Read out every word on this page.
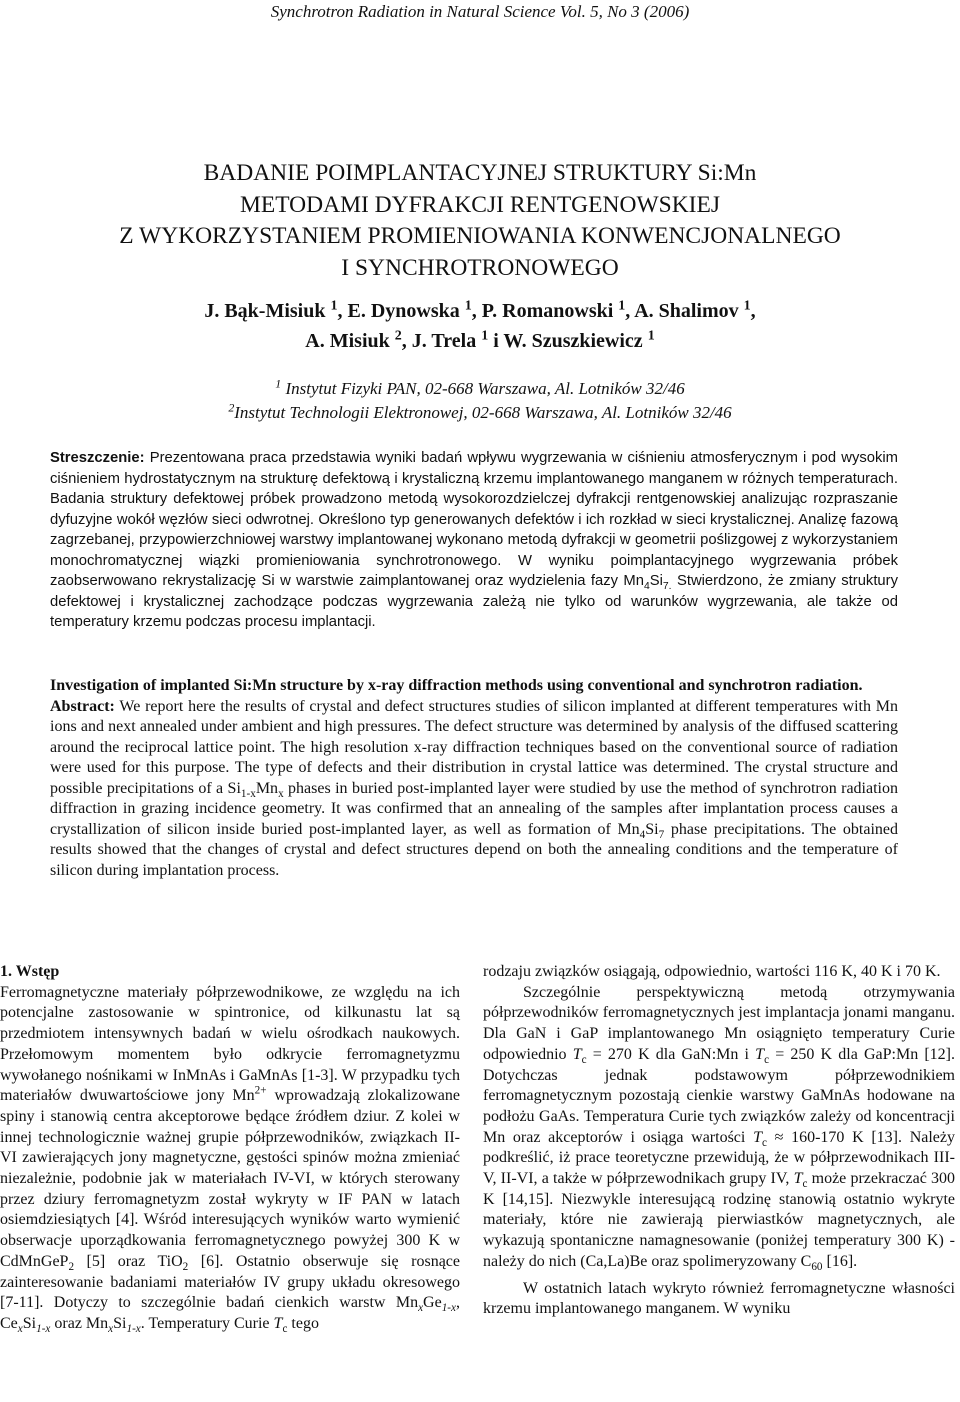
Synchrotron Radiation in Natural Science Vol. 5, No 3 (2006)
BADANIE POIMPLANTACYJNEJ STRUKTURY Si:Mn
METODAMI DYFRAKCJI RENTGENOWSKIEJ
Z WYKORZYSTANIEM PROMIENIOWANIA KONWENCJONALNEGO
I SYNCHROTRONOWEGO
J. Bąk-Misiuk $^1$, E. Dynowska $^1$, P. Romanowski $^1$, A. Shalimov $^1$,
A. Misiuk $^2$, J. Trela $^1$ i W. Szuszkiewicz $^1$
$^1$ Instytut Fizyki PAN, 02-668 Warszawa, Al. Lotników 32/46
$^2$Instytut Technologii Elektronowej, 02-668 Warszawa, Al. Lotników 32/46

Streszczenie: Prezentowana praca przedstawia wyniki badań wpływu wygrzewania w ciśnieniu atmosferycznym i pod wysokim ciśnieniem hydrostatycznym na strukturę defektową i krystaliczną krzemu implantowanego manganem w różnych temperaturach. Badania struktury defektowej próbek prowadzono metodą wysokorozdzielczej dyfrakcji rentgenowskiej analizując rozpraszanie dyfuzyjne wokół węzłów sieci odwrotnej. Określono typ generowanych defektów i ich rozkład w sieci krystalicznej. Analizę fazową zagrzebanej, przypowierzchniowej warstwy implantowanej wykonano metodą dyfrakcji w geometrii poślizgowej z wykorzystaniem monochromatycznej wiązki promieniowania synchrotronowego. W wyniku poimplantacyjnego wygrzewania próbek zaobserwowano rekrystalizację Si w warstwie zaimplantowanej oraz wydzielenia fazy $Mn_4Si_{7.}$ Stwierdzono, że zmiany struktury defektowej i krystalicznej zachodzące podczas wygrzewania zależą nie tylko od warunków wygrzewania, ale także od temperatury krzemu podczas procesu implantacji.

Investigation of implanted Si:Mn structure by x-ray diffraction methods using conventional and synchrotron radiation.
Abstract: We report here the results of crystal and defect structures studies of silicon implanted at different temperatures with Mn ions and next annealed under ambient and high pressures. The defect structure was determined by analysis of the diffused scattering around the reciprocal lattice point. The high resolution x-ray diffraction techniques based on the conventional source of radiation were used for this purpose. The type of defects and their distribution in crystal lattice was determined. The crystal structure and possible precipitations of a $Si_{1-x}Mn_x$ phases in buried post-implanted layer were studied by use the method of synchrotron radiation diffraction in grazing incidence geometry. It was confirmed that an annealing of the samples after implantation process causes a crystallization of silicon inside buried post-implanted layer, as well as formation of $Mn_4Si_7$ phase precipitations. The obtained results showed that the changes of crystal and defect structures depend on both the annealing conditions and the temperature of silicon during implantation process.

1. Wstęp

Ferromagnetyczne materiały półprzewodnikowe, ze względu na ich potencjalne zastosowanie w spintronice, od kilkunastu lat są przedmiotem intensywnych badań w wielu ośrodkach naukowych. Przełomowym momentem było odkrycie ferromagnetyzmu wywołanego nośnikami w InMnAs i GaMnAs [1-3]. W przypadku tych materiałów dwuwartościowe jony $Mn^{2+}$ wprowadzają zlokalizowane spiny i stanowią centra akceptorowe będące źródłem dziur. Z kolei w innej technologicznie ważnej grupie półprzewodników, związkach II-VI zawierających jony magnetyczne, gęstości spinów można zmieniać niezależnie, podobnie jak w materiałach IV-VI, w których sterowany przez dziury ferromagnetyzm został wykryty w IF PAN w latach osiemdziesiątych [4]. Wśród interesujących wyników warto wymienić obserwacje uporządkowania ferromagnetycznego powyżej 300 K w CdMnGeP$_2$ [5] oraz TiO$_2$ [6]. Ostatnio obserwuje się rosnące zainteresowanie badaniami materiałów IV grupy układu okresowego [7-11]. Dotyczy to szczególnie badań cienkich warstw $Mn_xGe_{1-x}$, $Ce_xSi_{1-x}$ oraz $Mn_xSi_{1-x}$. Temperatury Curie $T_c$ tego

rodzaju związków osiągają, odpowiednio, wartości 116 K, 40 K i 70 K.

Szczególnie perspektywiczną metodą otrzymywania półprzewodników ferromagnetycznych jest implantacja jonami manganu. Dla GaN i GaP implantowanego Mn osiągnięto temperatury Curie odpowiednio $T_c = 270$ K dla GaN:Mn i $T_c = 250$ K dla GaP:Mn [12]. Dotychczas jednak podstawowym półprzewodnikiem ferromagnetycznym pozostają cienkie warstwy GaMnAs hodowane na podłożu GaAs. Temperatura Curie tych związków zależy od koncentracji Mn oraz akceptorów i osiąga wartości $T_c \approx 160-170$ K [13]. Należy podkreślić, iż prace teoretyczne przewidują, że w półprzewodnikach III-V, II-VI, a także w półprzewodnikach grupy IV, $T_c$ może przekraczać 300 K [14,15]. Niezwykle interesującą rodzinę stanowią ostatnio wykryte materiały, które nie zawierają pierwiastków magnetycznych, ale wykazują spontaniczne namagnesowanie (poniżej temperatury 300 K) - należy do nich (Ca,La)Be oraz spolimeryzowany $C_{60}$ [16].

W ostatnich latach wykryto również ferromagnetyczne własności krzemu implantowanego manganem. W wyniku
